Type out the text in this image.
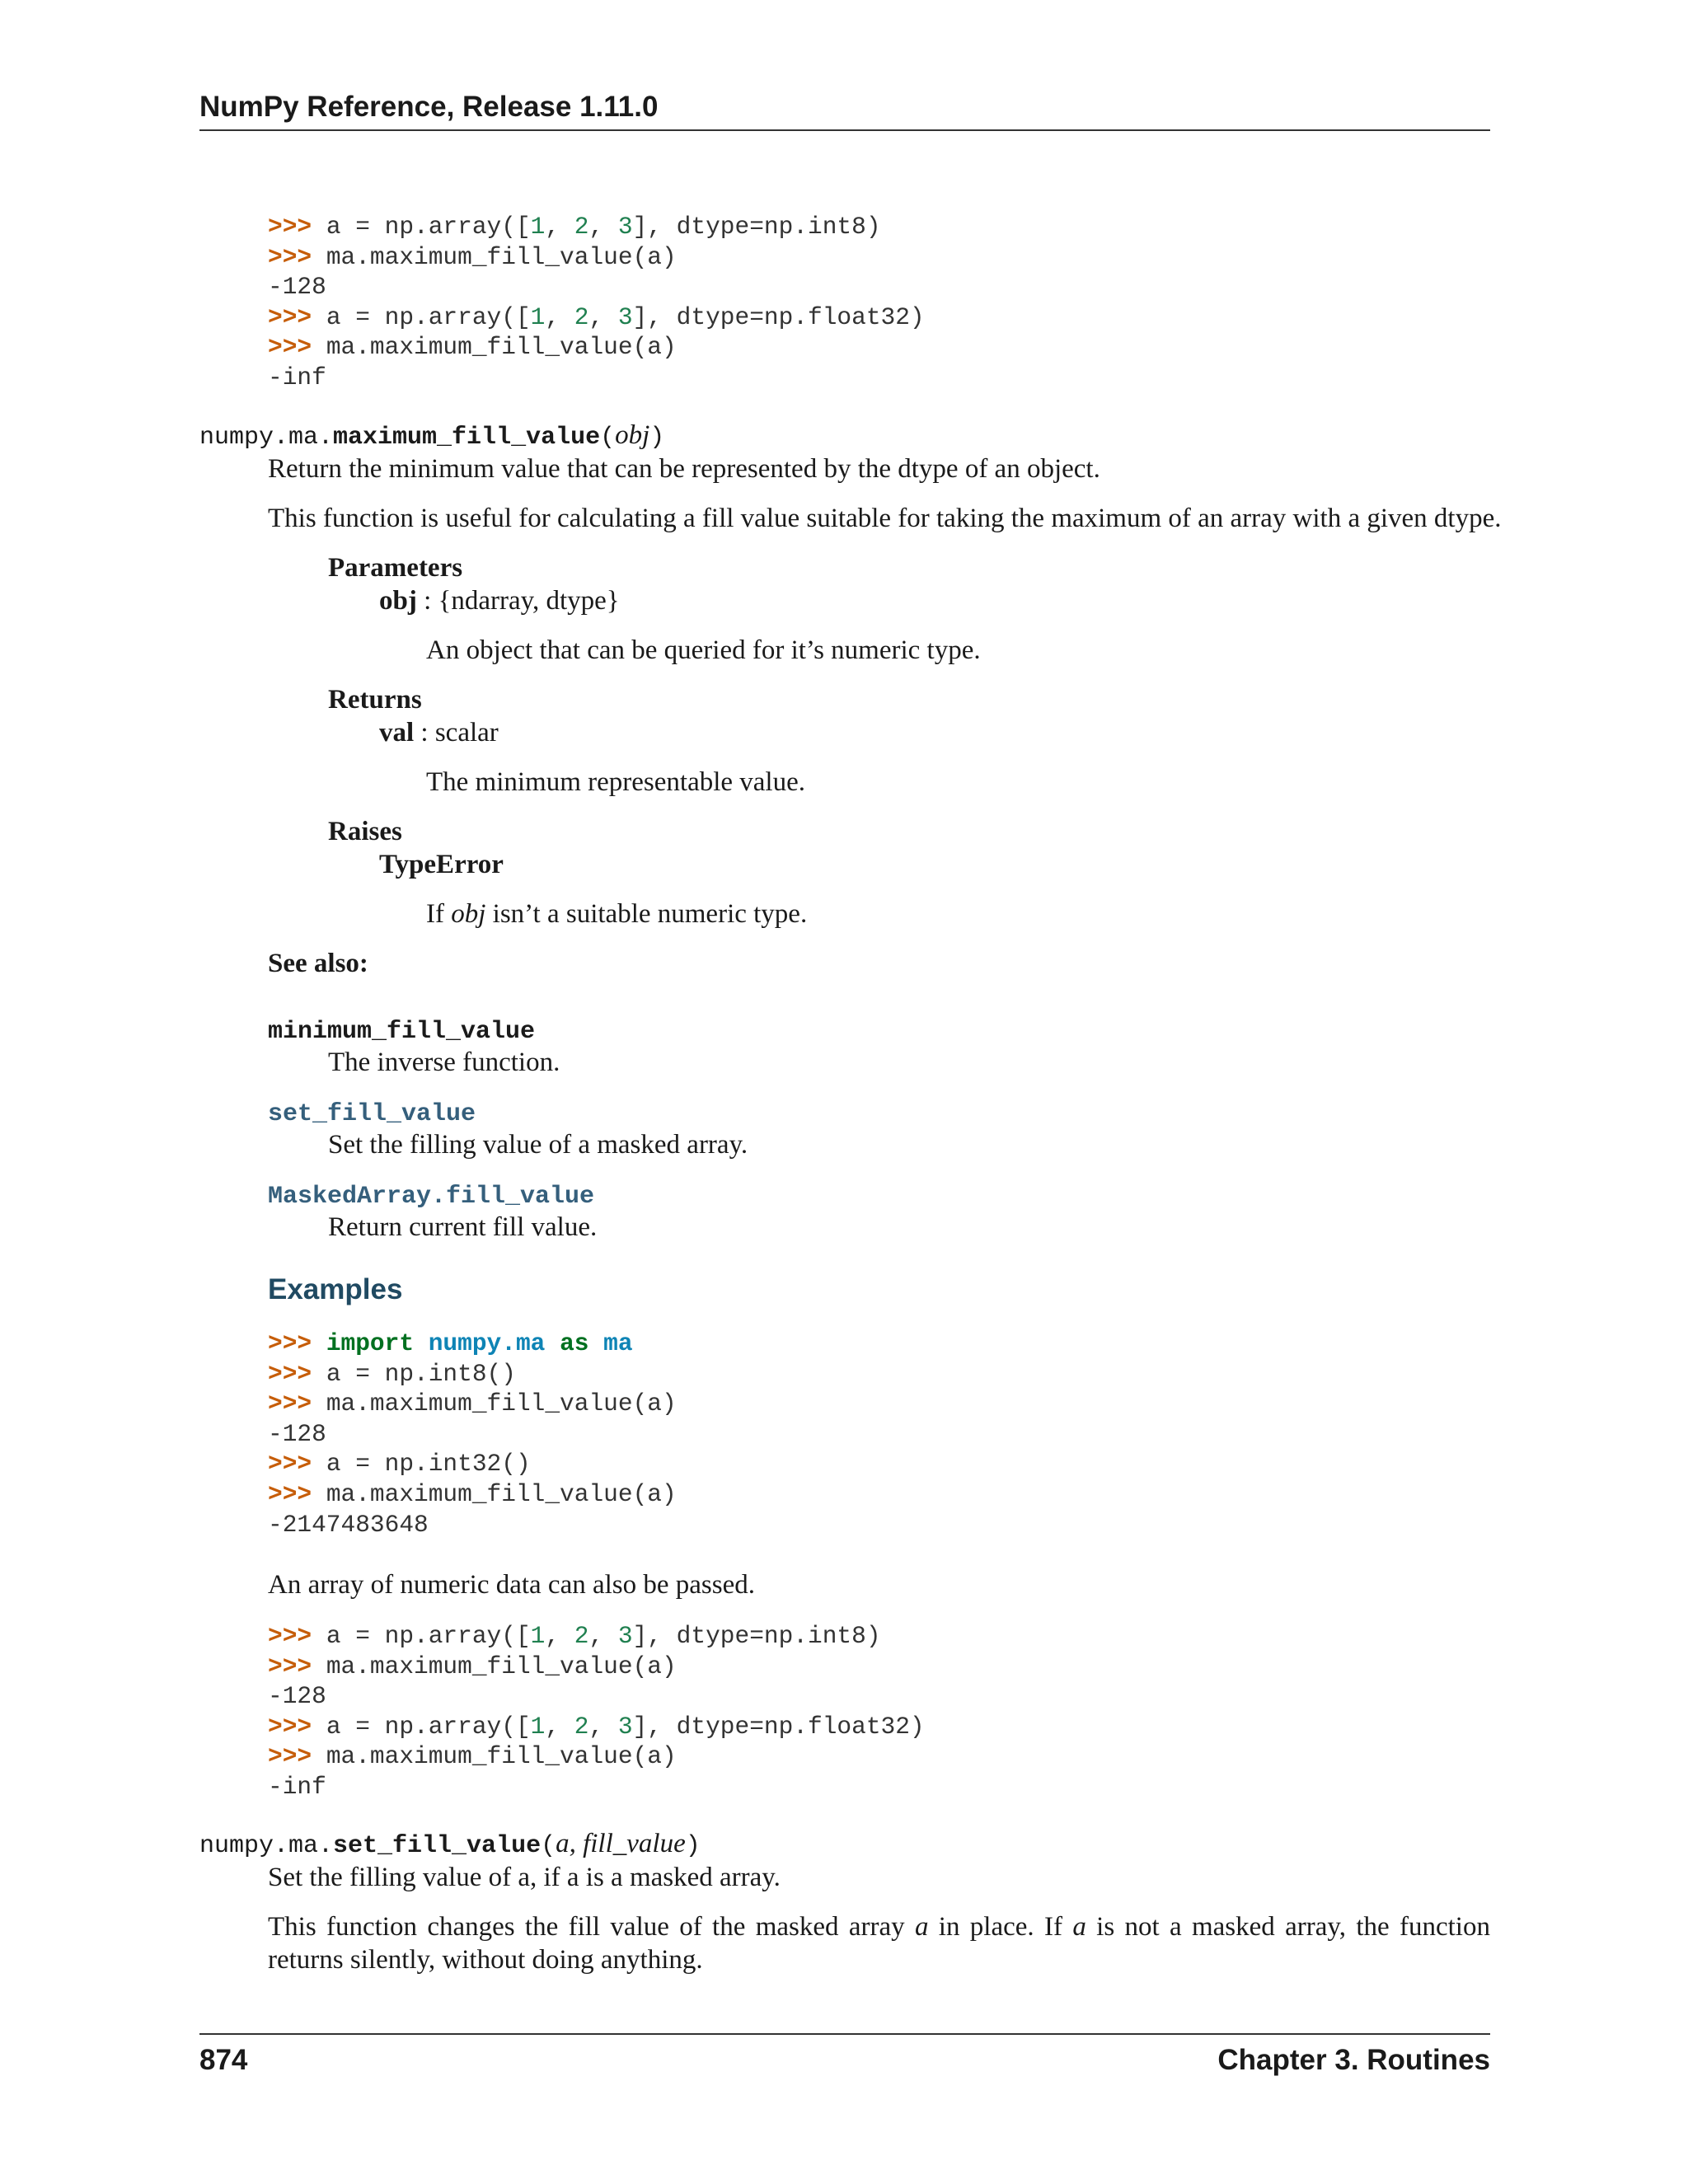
NumPy Reference, Release 1.11.0
>>> a = np.array([1, 2, 3], dtype=np.int8)
>>> ma.maximum_fill_value(a)
-128
>>> a = np.array([1, 2, 3], dtype=np.float32)
>>> ma.maximum_fill_value(a)
-inf
numpy.ma.maximum_fill_value(obj)
Return the minimum value that can be represented by the dtype of an object.
This function is useful for calculating a fill value suitable for taking the maximum of an array with a given dtype.
Parameters
obj : {ndarray, dtype}
An object that can be queried for it’s numeric type.
Returns
val : scalar
The minimum representable value.
Raises
TypeError
If obj isn’t a suitable numeric type.
See also:
minimum_fill_value
The inverse function.
set_fill_value
Set the filling value of a masked array.
MaskedArray.fill_value
Return current fill value.
Examples
>>> import numpy.ma as ma
>>> a = np.int8()
>>> ma.maximum_fill_value(a)
-128
>>> a = np.int32()
>>> ma.maximum_fill_value(a)
-2147483648
An array of numeric data can also be passed.
>>> a = np.array([1, 2, 3], dtype=np.int8)
>>> ma.maximum_fill_value(a)
-128
>>> a = np.array([1, 2, 3], dtype=np.float32)
>>> ma.maximum_fill_value(a)
-inf
numpy.ma.set_fill_value(a, fill_value)
Set the filling value of a, if a is a masked array.
This function changes the fill value of the masked array a in place. If a is not a masked array, the function returns silently, without doing anything.
874	Chapter 3. Routines
